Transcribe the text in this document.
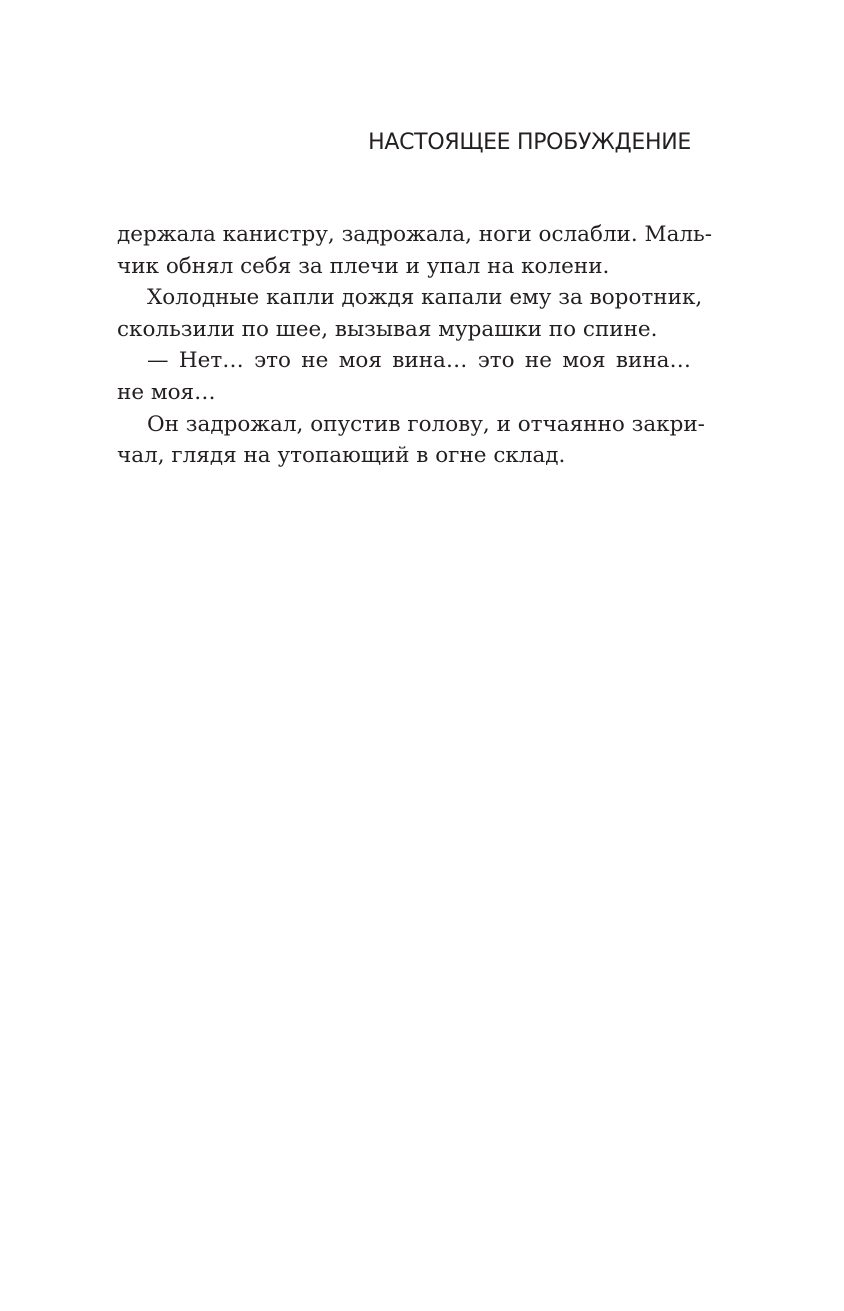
НАСТОЯЩЕЕ ПРОБУЖДЕНИЕ
держала канистру, задрожала, ноги ослабли. Маль-
чик обнял себя за плечи и упал на колени.
Холодные капли дождя капали ему за воротник,
скользили по шее, вызывая мурашки по спине.
— Нет… это не моя вина… это не моя вина…
не моя…
Он задрожал, опустив голову, и отчаянно закри-
чал, глядя на утопающий в огне склад.
